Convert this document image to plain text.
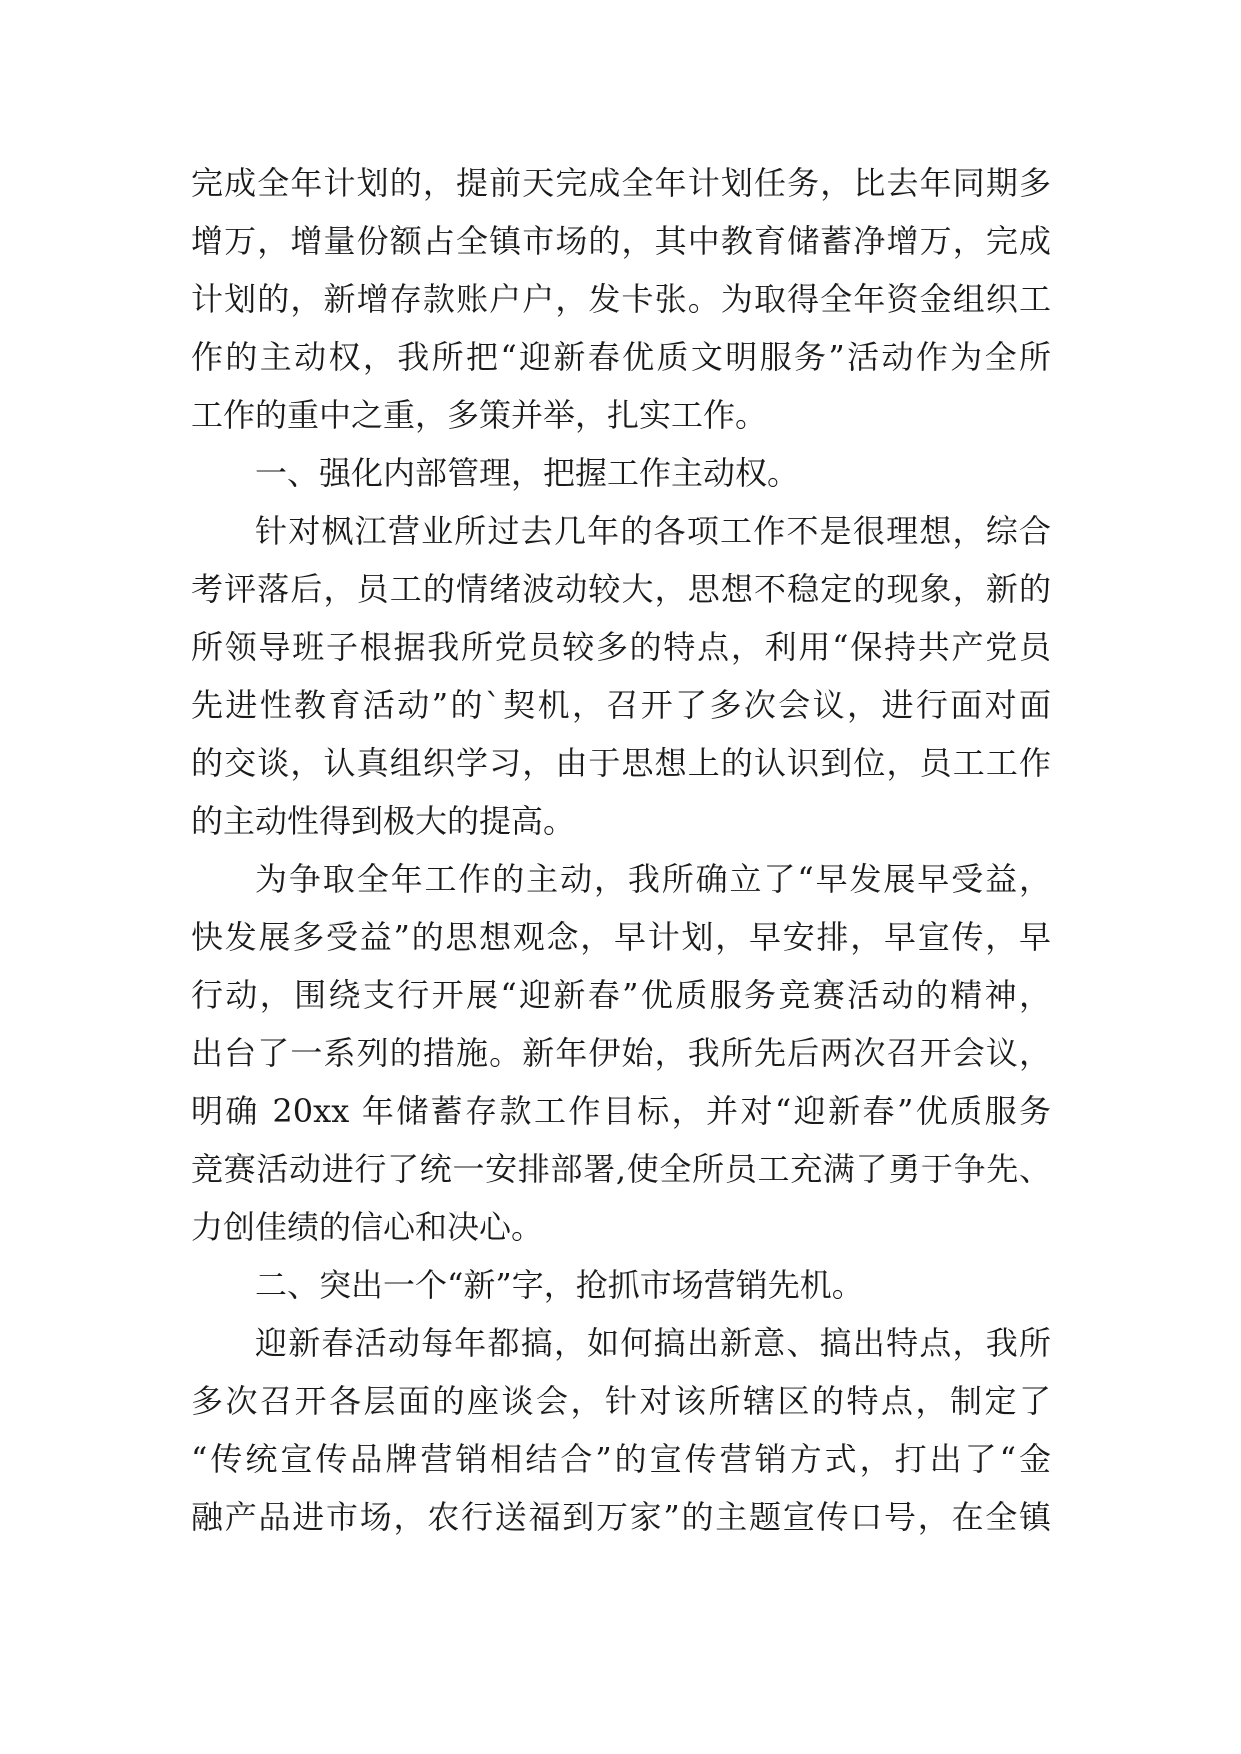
完成全年计划的，提前天完成全年计划任务，比去年同期多
增万，增量份额占全镇市场的，其中教育储蓄净增万，完成
计划的，新增存款账户户，发卡张。为取得全年资金组织工
作的主动权，我所把“迎新春优质文明服务”活动作为全所
工作的重中之重，多策并举，扎实工作。
一、强化内部管理，把握工作主动权。
针对枫江营业所过去几年的各项工作不是很理想，综合
考评落后，员工的情绪波动较大，思想不稳定的现象，新的
所领导班子根据我所党员较多的特点，利用“保持共产党员
先进性教育活动”的`契机，召开了多次会议，进行面对面
的交谈，认真组织学习，由于思想上的认识到位，员工工作
的主动性得到极大的提高。
为争取全年工作的主动，我所确立了“早发展早受益，
快发展多受益”的思想观念，早计划，早安排，早宣传，早
行动，围绕支行开展“迎新春”优质服务竞赛活动的精神，
出台了一系列的措施。新年伊始，我所先后两次召开会议，
明确 20xx 年储蓄存款工作目标，并对“迎新春”优质服务
竞赛活动进行了统一安排部署,使全所员工充满了勇于争先、
力创佳绩的信心和决心。
二、突出一个“新”字，抢抓市场营销先机。
迎新春活动每年都搞，如何搞出新意、搞出特点，我所
多次召开各层面的座谈会，针对该所辖区的特点，制定了
“传统宣传品牌营销相结合”的宣传营销方式，打出了“金
融产品进市场，农行送福到万家”的主题宣传口号，在全镇
